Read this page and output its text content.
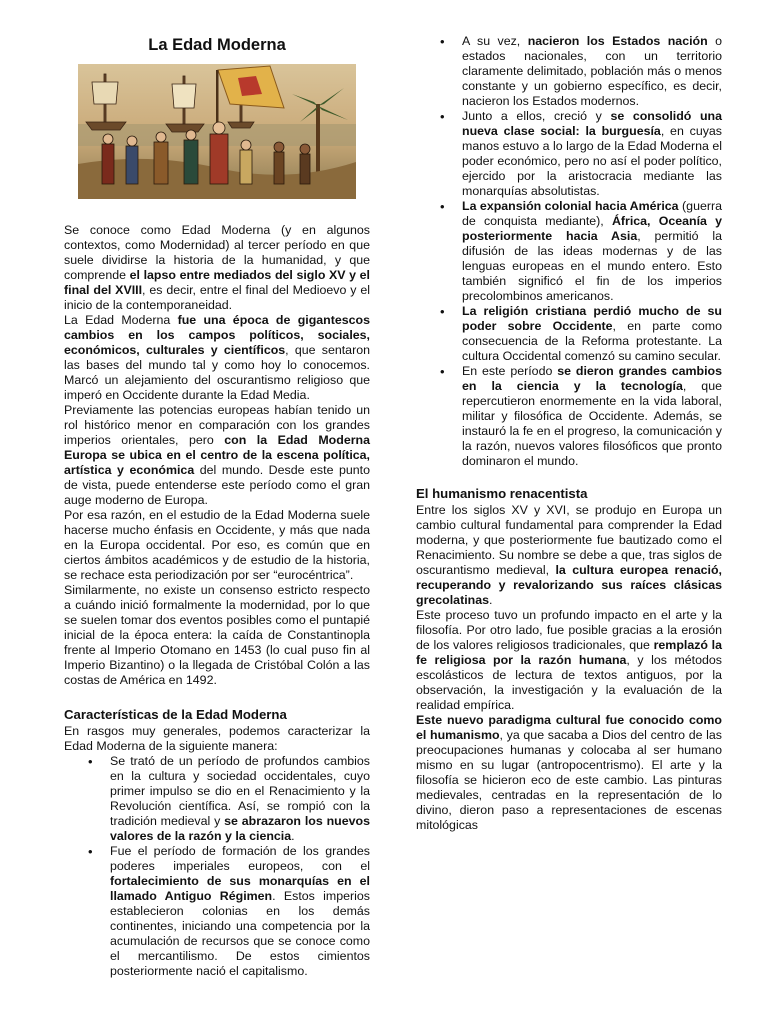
La Edad Moderna

Se conoce como Edad Moderna (y en algunos contextos, como Modernidad) al tercer período en que suele dividirse la historia de la humanidad, y que comprende el lapso entre mediados del siglo XV y el final del XVIII, es decir, entre el final del Medioevo y el inicio de la contemporaneidad.

La Edad Moderna fue una época de gigantescos cambios en los campos políticos, sociales, económicos, culturales y científicos, que sentaron las bases del mundo tal y como hoy lo conocemos. Marcó un alejamiento del oscurantismo religioso que imperó en Occidente durante la Edad Media.

Previamente las potencias europeas habían tenido un rol histórico menor en comparación con los grandes imperios orientales, pero con la Edad Moderna Europa se ubica en el centro de la escena política, artística y económica del mundo. Desde este punto de vista, puede entenderse este período como el gran auge moderno de Europa.

Por esa razón, en el estudio de la Edad Moderna suele hacerse mucho énfasis en Occidente, y más que nada en la Europa occidental. Por eso, es común que en ciertos ámbitos académicos y de estudio de la historia, se rechace esta periodización por ser “eurocéntrica”.

Similarmente, no existe un consenso estricto respecto a cuándo inició formalmente la modernidad, por lo que se suelen tomar dos eventos posibles como el puntapié inicial de la época entera: la caída de Constantinopla frente al Imperio Otomano en 1453 (lo cual puso fin al Imperio Bizantino) o la llegada de Cristóbal Colón a las costas de América en 1492.

Características de la Edad Moderna

En rasgos muy generales, podemos caracterizar la Edad Moderna de la siguiente manera:

• Se trató de un período de profundos cambios en la cultura y sociedad occidentales, cuyo primer impulso se dio en el Renacimiento y la Revolución científica. Así, se rompió con la tradición medieval y se abrazaron los nuevos valores de la razón y la ciencia.
• Fue el período de formación de los grandes poderes imperiales europeos, con el fortalecimiento de sus monarquías en el llamado Antiguo Régimen. Estos imperios establecieron colonias en los demás continentes, iniciando una competencia por la acumulación de recursos que se conoce como el mercantilismo. De estos cimientos posteriormente nació el capitalismo.
• A su vez, nacieron los Estados nación o estados nacionales, con un territorio claramente delimitado, población más o menos constante y un gobierno específico, es decir, nacieron los Estados modernos.
• Junto a ellos, creció y se consolidó una nueva clase social: la burguesía, en cuyas manos estuvo a lo largo de la Edad Moderna el poder económico, pero no así el poder político, ejercido por la aristocracia mediante las monarquías absolutistas.
• La expansión colonial hacia América (guerra de conquista mediante), África, Oceanía y posteriormente hacia Asia, permitió la difusión de las ideas modernas y de las lenguas europeas en el mundo entero. Esto también significó el fin de los imperios precolombinos americanos.
• La religión cristiana perdió mucho de su poder sobre Occidente, en parte como consecuencia de la Reforma protestante. La cultura Occidental comenzó su camino secular.
• En este período se dieron grandes cambios en la ciencia y la tecnología, que repercutieron enormemente en la vida laboral, militar y filosófica de Occidente. Además, se instauró la fe en el progreso, la comunicación y la razón, nuevos valores filosóficos que pronto dominaron el mundo.
El humanismo renacentista

Entre los siglos XV y XVI, se produjo en Europa un cambio cultural fundamental para comprender la Edad moderna, y que posteriormente fue bautizado como el Renacimiento. Su nombre se debe a que, tras siglos de oscurantismo medieval, la cultura europea renació, recuperando y revalorizando sus raíces clásicas grecolatinas.

Este proceso tuvo un profundo impacto en el arte y la filosofía. Por otro lado, fue posible gracias a la erosión de los valores religiosos tradicionales, que remplazó la fe religiosa por la razón humana, y los métodos escolásticos de lectura de textos antiguos, por la observación, la investigación y la evaluación de la realidad empírica.

Este nuevo paradigma cultural fue conocido como el humanismo, ya que sacaba a Dios del centro de las preocupaciones humanas y colocaba al ser humano mismo en su lugar (antropocentrismo). El arte y la filosofía se hicieron eco de este cambio. Las pinturas medievales, centradas en la representación de lo divino, dieron paso a representaciones de escenas mitológicas
